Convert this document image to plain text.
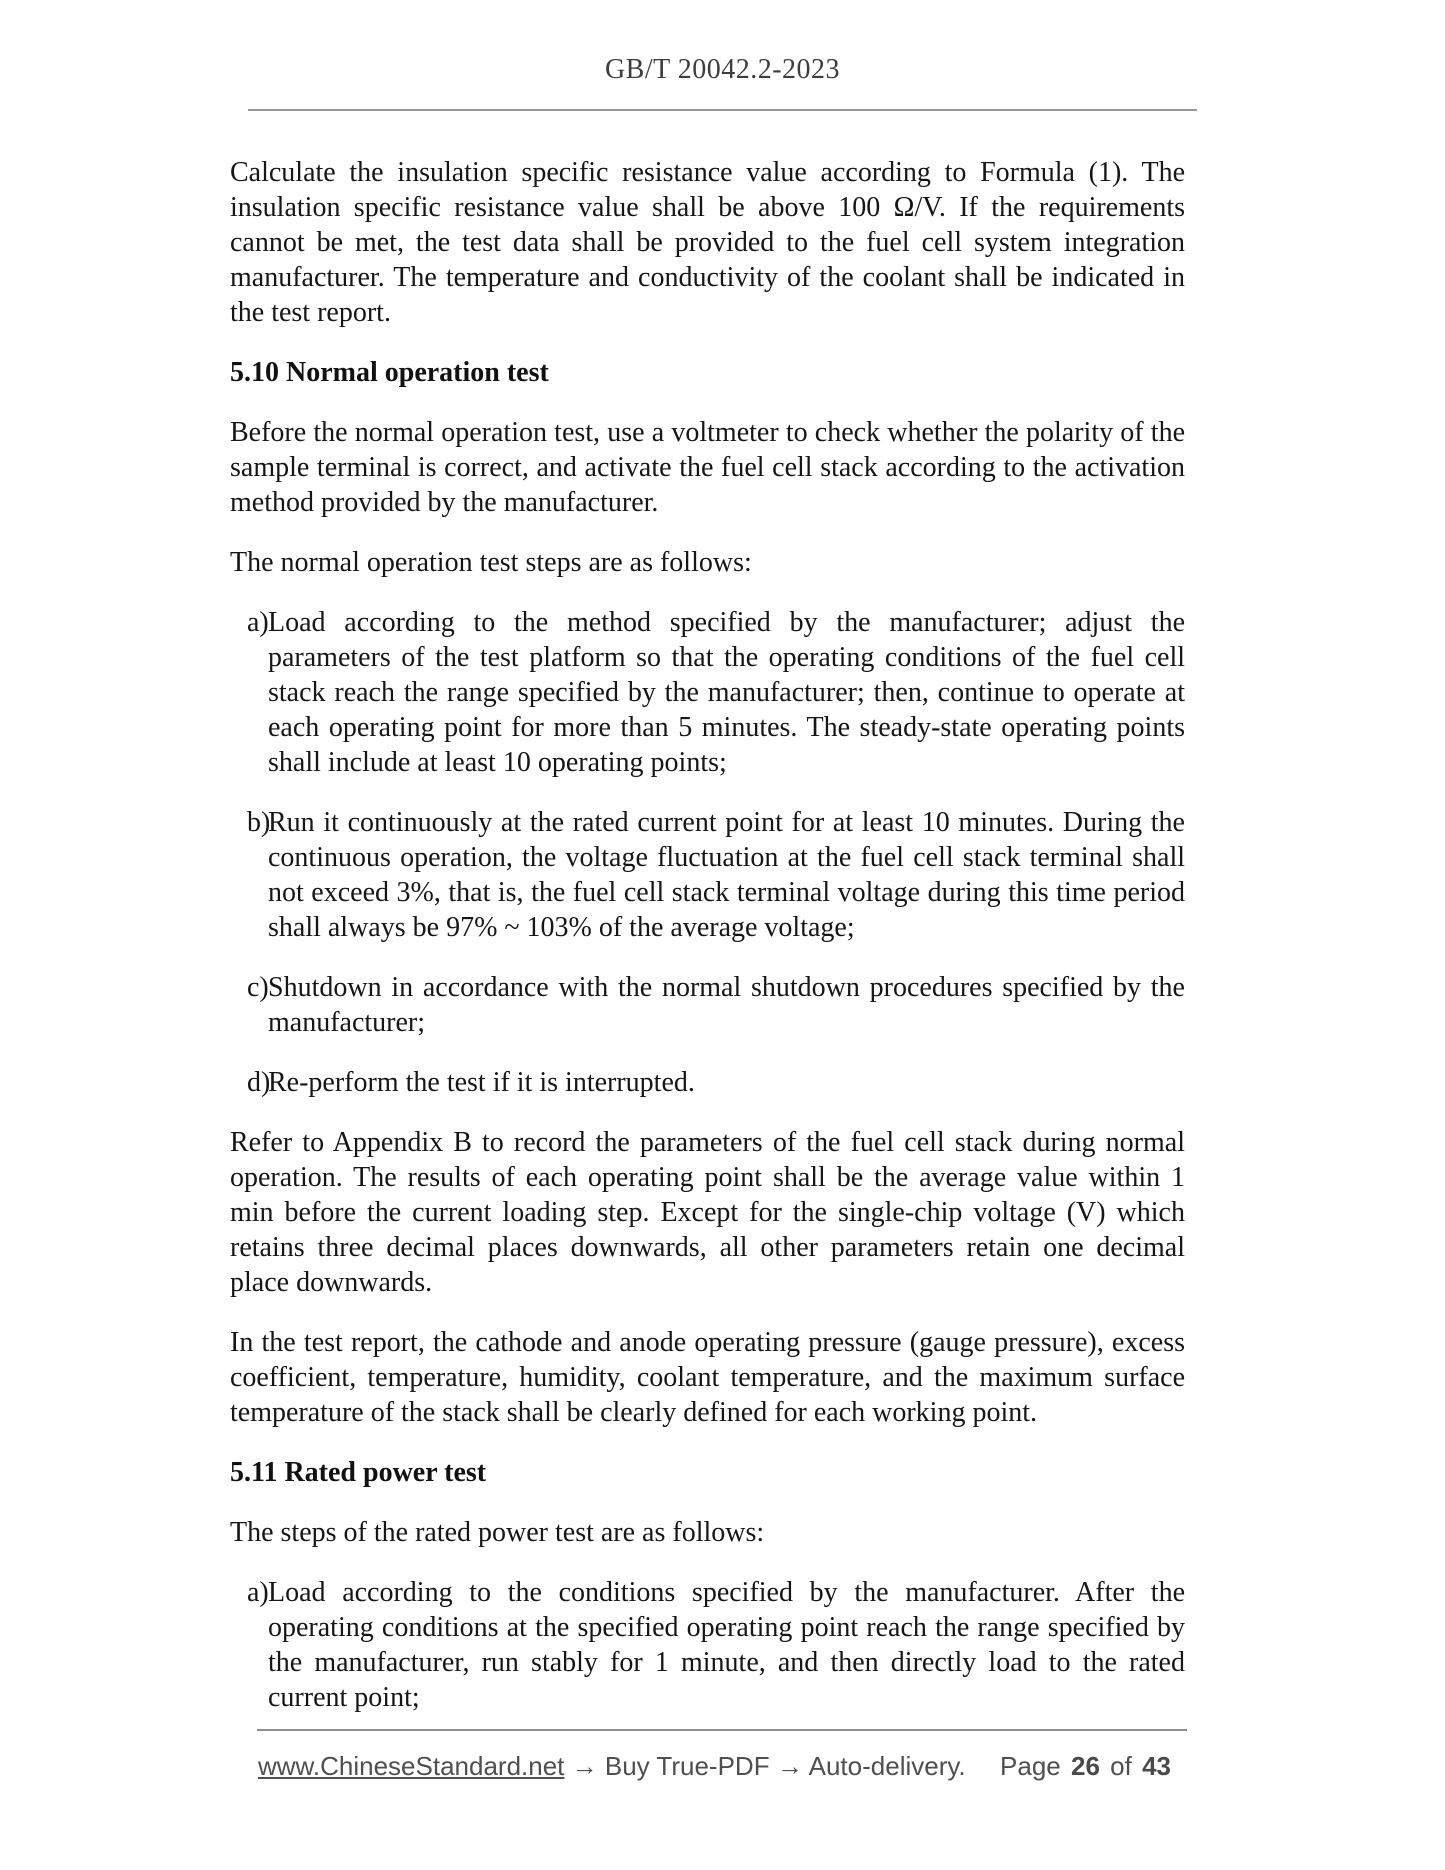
GB/T 20042.2-2023

Calculate the insulation specific resistance value according to Formula (1). The insulation specific resistance value shall be above 100 Ω/V. If the requirements cannot be met, the test data shall be provided to the fuel cell system integration manufacturer. The temperature and conductivity of the coolant shall be indicated in the test report.

5.10 Normal operation test

Before the normal operation test, use a voltmeter to check whether the polarity of the sample terminal is correct, and activate the fuel cell stack according to the activation method provided by the manufacturer.

The normal operation test steps are as follows:

a) Load according to the method specified by the manufacturer; adjust the parameters of the test platform so that the operating conditions of the fuel cell stack reach the range specified by the manufacturer; then, continue to operate at each operating point for more than 5 minutes. The steady-state operating points shall include at least 10 operating points;
b)
Run it continuously at the rated current point for at least 10 minutes. During the continuous operation, the voltage fluctuation at the fuel cell stack terminal shall not exceed 3%, that is, the fuel cell stack terminal voltage during this time period shall always be 97% ~ 103% of the average voltage;
c) Shutdown in accordance with the normal shutdown procedures specified by the manufacturer;
d)
Re-perform the test if it is interrupted.

Refer to Appendix B to record the parameters of the fuel cell stack during normal operation. The results of each operating point shall be the average value within 1 min before the current loading step. Except for the single-chip voltage (V) which retains three decimal places downwards, all other parameters retain one decimal place downwards.

In the test report, the cathode and anode operating pressure (gauge pressure), excess coefficient, temperature, humidity, coolant temperature, and the maximum surface temperature of the stack shall be clearly defined for each working point.

5.11 Rated power test

The steps of the rated power test are as follows:

a) Load according to the conditions specified by the manufacturer. After the operating conditions at the specified operating point reach the range specified by the manufacturer, run stably for 1 minute, and then directly load to the rated current point;
www.ChineseStandard.net → Buy True-PDF → Auto-delivery. Page 26 of 43
